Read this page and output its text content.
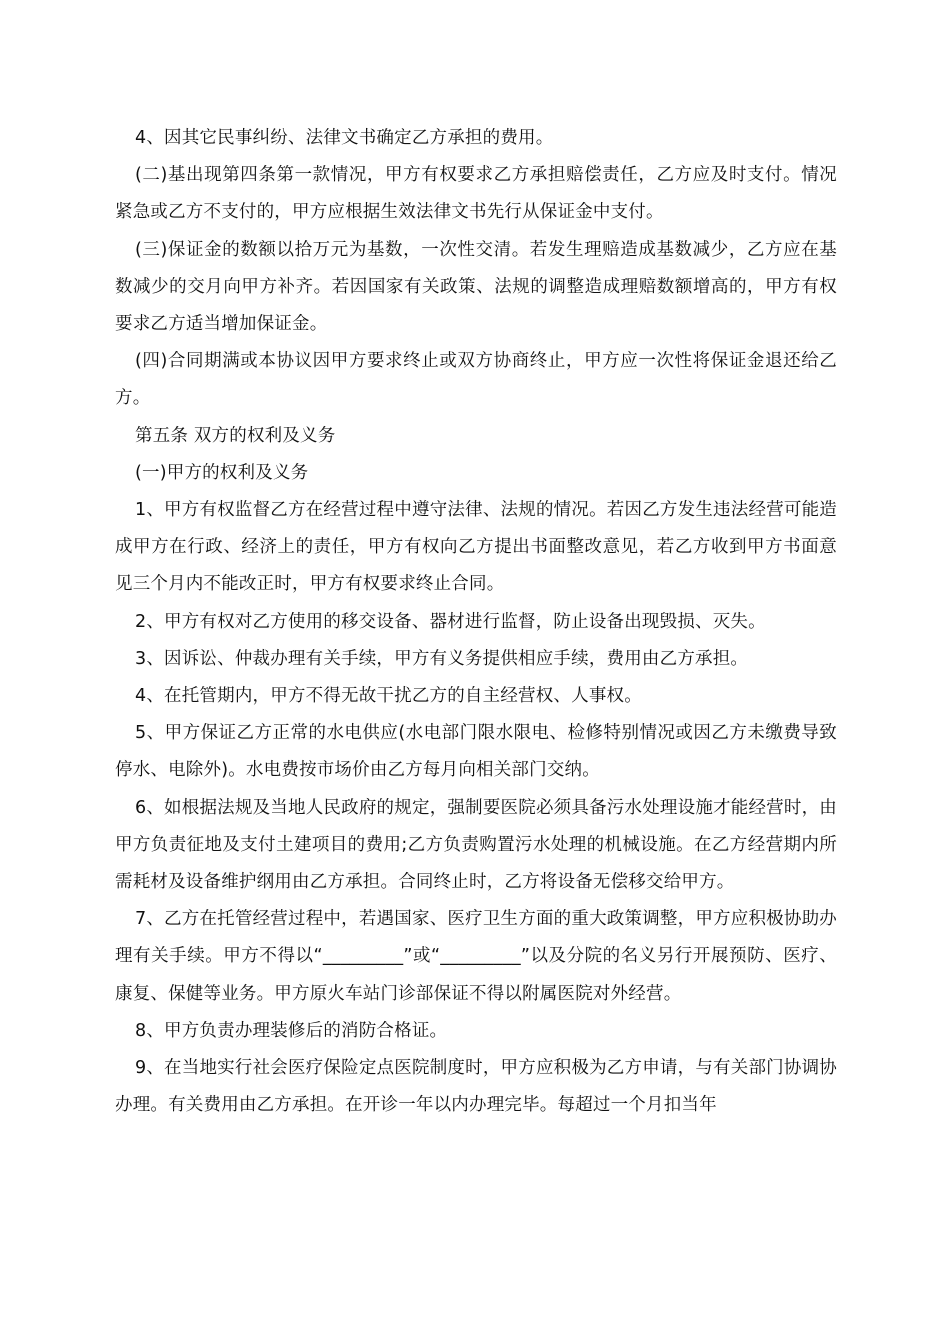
4、因其它民事纠纷、法律文书确定乙方承担的费用。

(二)基出现第四条第一款情况，甲方有权要求乙方承担赔偿责任，乙方应及时支付。情况紧急或乙方不支付的，甲方应根据生效法律文书先行从保证金中支付。

(三)保证金的数额以拾万元为基数，一次性交清。若发生理赔造成基数减少，乙方应在基数减少的交月向甲方补齐。若因国家有关政策、法规的调整造成理赔数额增高的，甲方有权要求乙方适当增加保证金。

(四)合同期满或本协议因甲方要求终止或双方协商终止，甲方应一次性将保证金退还给乙方。

第五条 双方的权利及义务

(一)甲方的权利及义务

1、甲方有权监督乙方在经营过程中遵守法律、法规的情况。若因乙方发生违法经营可能造成甲方在行政、经济上的责任，甲方有权向乙方提出书面整改意见，若乙方收到甲方书面意见三个月内不能改正时，甲方有权要求终止合同。

2、甲方有权对乙方使用的移交设备、器材进行监督，防止设备出现毁损、灭失。

3、因诉讼、仲裁办理有关手续，甲方有义务提供相应手续，费用由乙方承担。

4、在托管期内，甲方不得无故干扰乙方的自主经营权、人事权。

5、甲方保证乙方正常的水电供应(水电部门限水限电、检修特别情况或因乙方未缴费导致停水、电除外)。水电费按市场价由乙方每月向相关部门交纳。

6、如根据法规及当地人民政府的规定，强制要医院必须具备污水处理设施才能经营时，由甲方负责征地及支付土建项目的费用;乙方负责购置污水处理的机械设施。在乙方经营期内所需耗材及设备维护纲用由乙方承担。合同终止时，乙方将设备无偿移交给甲方。

7、乙方在托管经营过程中，若遇国家、医疗卫生方面的重大政策调整，甲方应积极协助办理有关手续。甲方不得以“_________”或“_________”以及分院的名义另行开展预防、医疗、康复、保健等业务。甲方原火车站门诊部保证不得以附属医院对外经营。

8、甲方负责办理装修后的消防合格证。

9、在当地实行社会医疗保险定点医院制度时，甲方应积极为乙方申请，与有关部门协调协办理。有关费用由乙方承担。在开诊一年以内办理完毕。每超过一个月扣当年
